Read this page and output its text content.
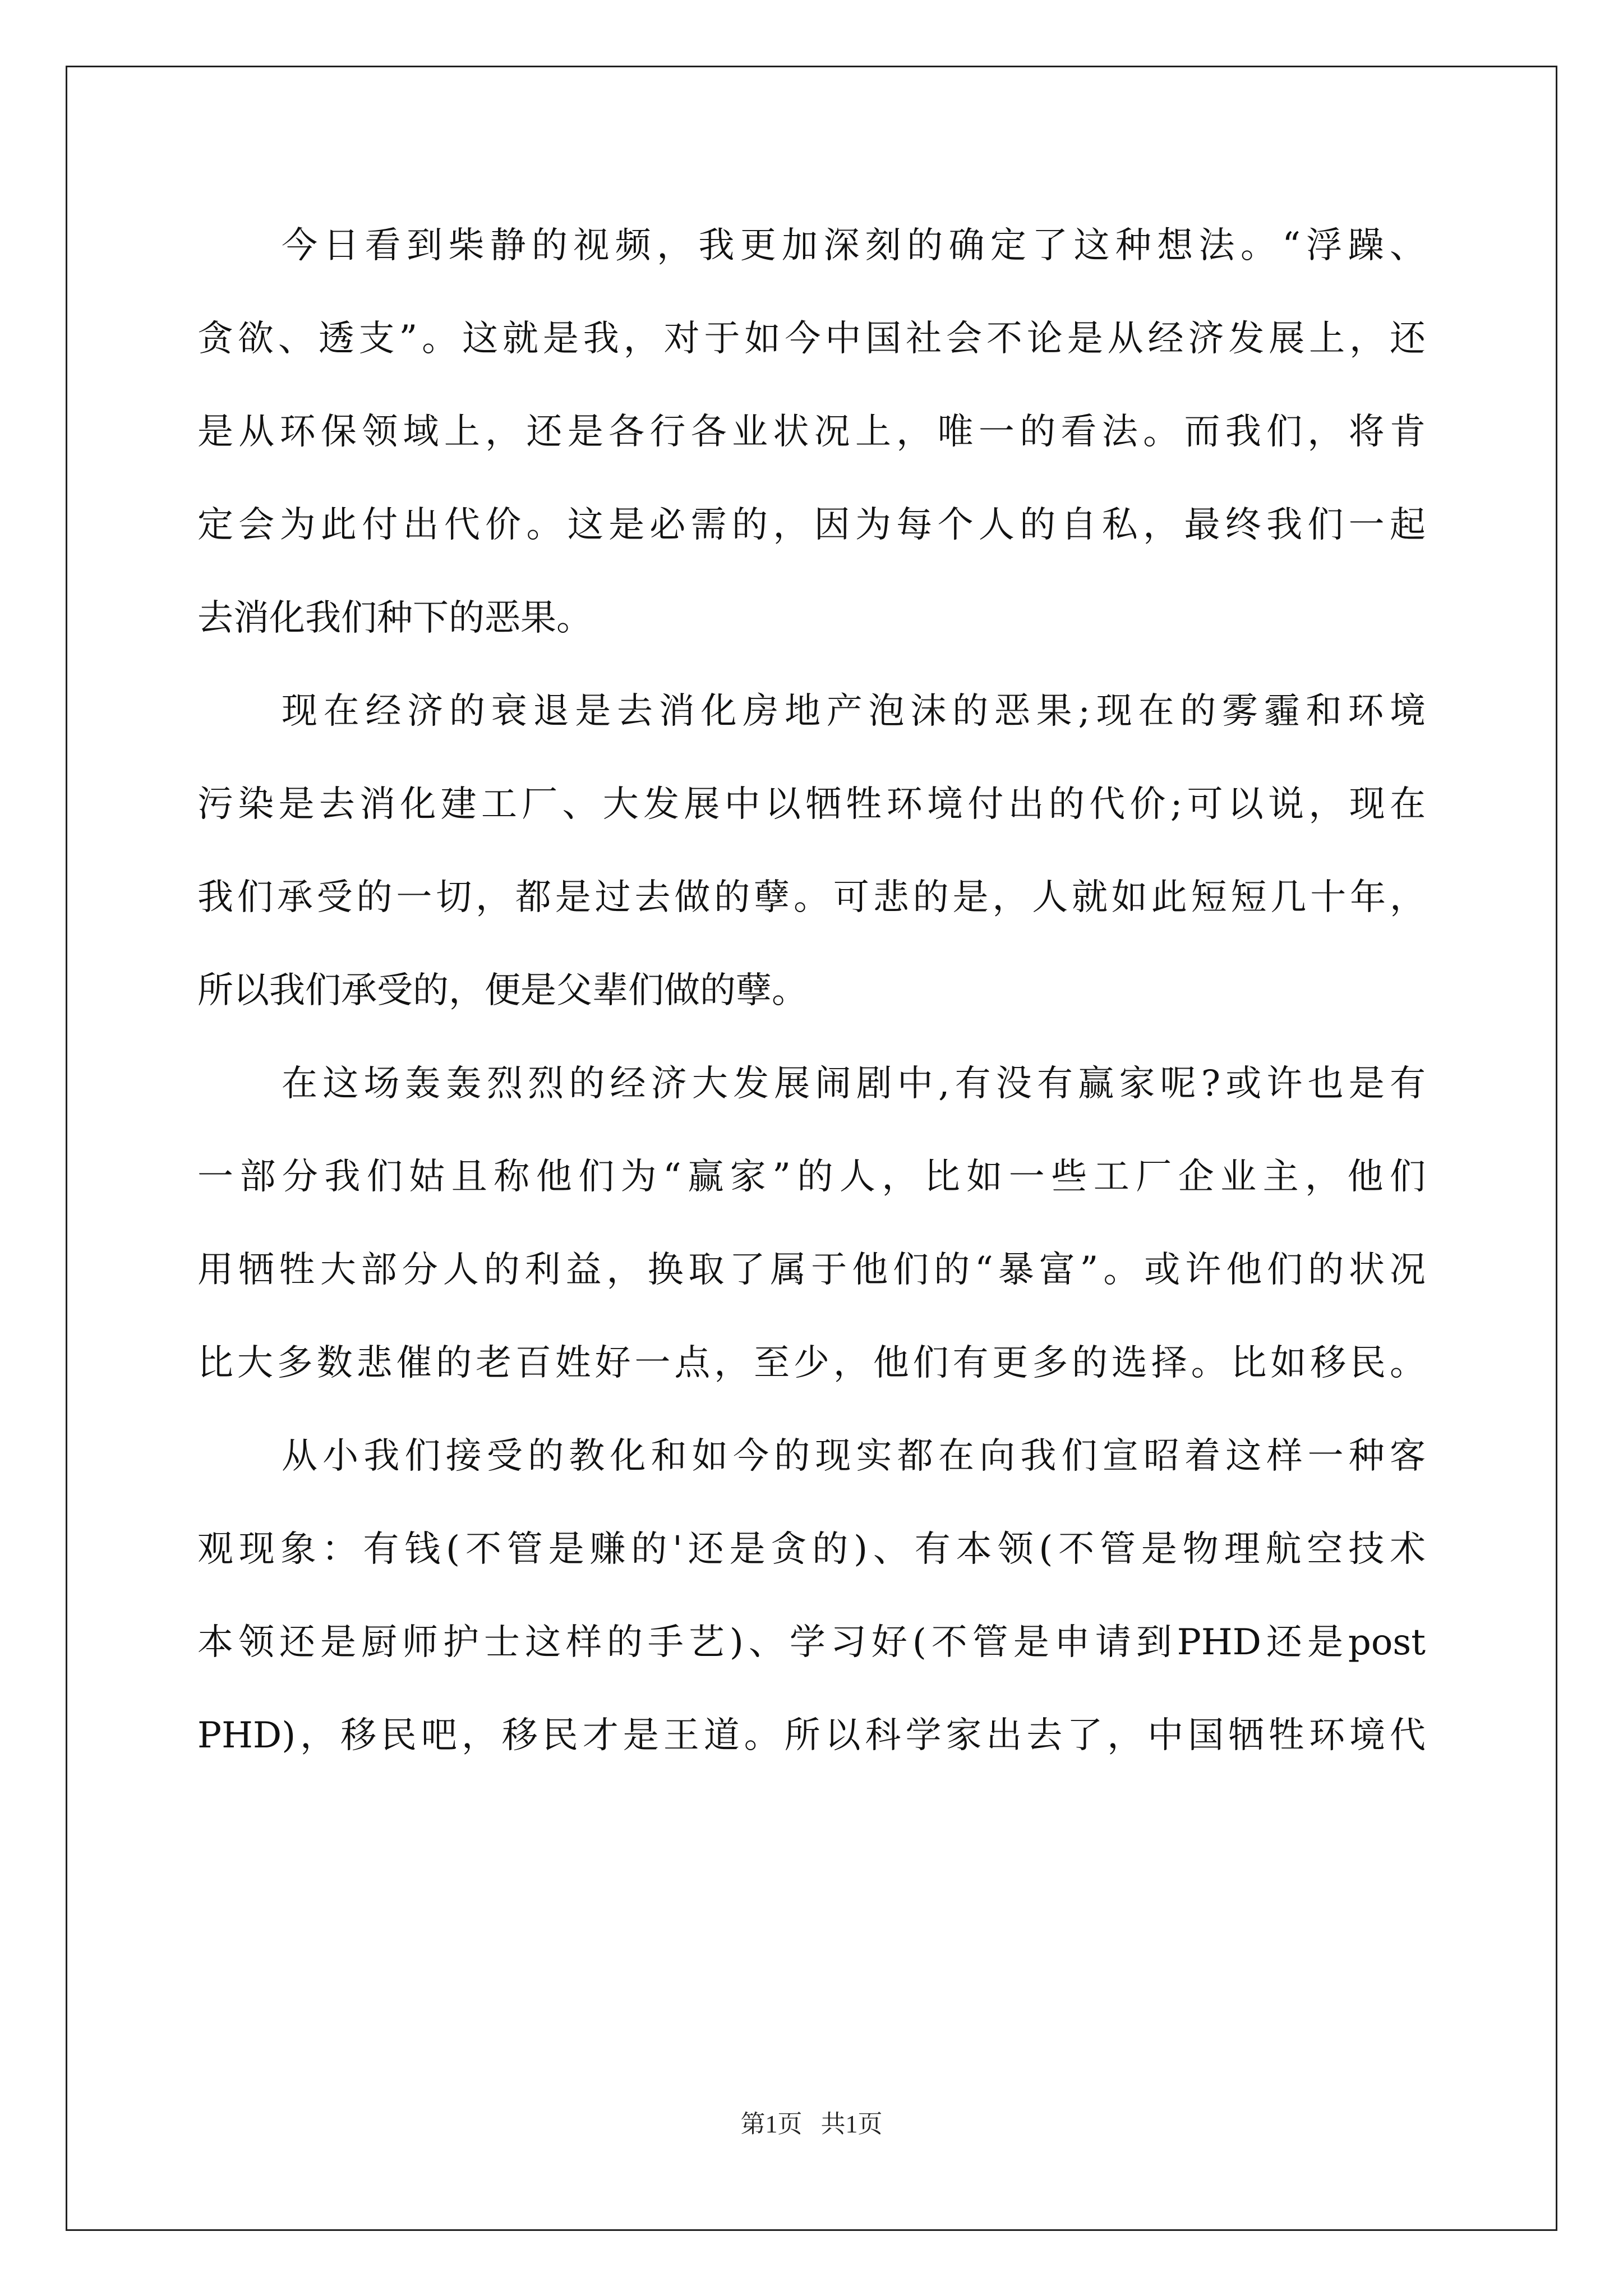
今日看到柴静的视频，我更加深刻的确定了这种想法。“浮躁、
贪欲、透支”。这就是我，对于如今中国社会不论是从经济发展上，还
是从环保领域上，还是各行各业状况上，唯一的看法。而我们，将肯
定会为此付出代价。这是必需的，因为每个人的自私，最终我们一起
去消化我们种下的恶果。
现在经济的衰退是去消化房地产泡沫的恶果;现在的雾霾和环境
污染是去消化建工厂、大发展中以牺牲环境付出的代价;可以说，现在
我们承受的一切，都是过去做的孽。可悲的是，人就如此短短几十年，
所以我们承受的，便是父辈们做的孽。
在这场轰轰烈烈的经济大发展闹剧中,有没有赢家呢?或许也是有
一部分我们姑且称他们为“赢家”的人，比如一些工厂企业主，他们
用牺牲大部分人的利益，换取了属于他们的“暴富”。或许他们的状况
比大多数悲催的老百姓好一点，至少，他们有更多的选择。比如移民。
从小我们接受的教化和如今的现实都在向我们宣昭着这样一种客
观现象：有钱(不管是赚的'还是贪的)、有本领(不管是物理航空技术
本领还是厨师护士这样的手艺)、学习好(不管是申请到PHD还是post
PHD)，移民吧，移民才是王道。所以科学家出去了，中国牺牲环境代
第1页   共1页
